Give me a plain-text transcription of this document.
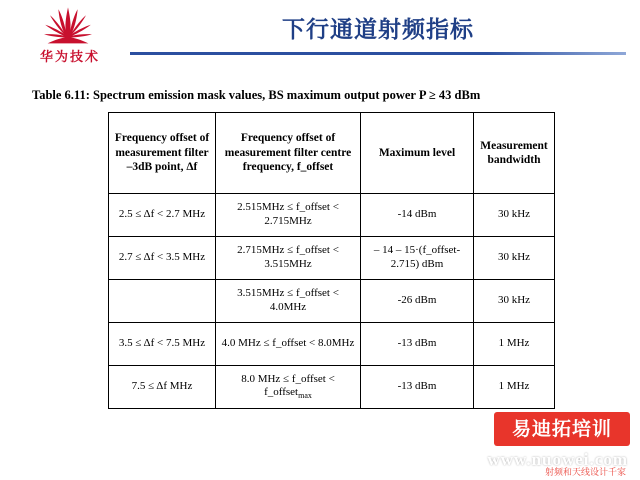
华为技术
下行通道射频指标
Table 6.11: Spectrum emission mask values, BS maximum output power P ≥ 43 dBm
Frequency offset of measurement filter –3dB point, Δf	Frequency offset of measurement filter centre frequency, f_offset	Maximum level	Measurement bandwidth
2.5 ≤ Δf < 2.7 MHz	2.515MHz ≤ f_offset < 2.715MHz	-14 dBm	30 kHz
2.7 ≤ Δf < 3.5 MHz	2.715MHz ≤ f_offset < 3.515MHz	– 14 – 15·(f_offset-2.715) dBm	30 kHz
	3.515MHz ≤ f_offset < 4.0MHz	-26 dBm	30 kHz
3.5 ≤ Δf < 7.5 MHz	4.0 MHz ≤ f_offset < 8.0MHz	-13 dBm	1 MHz
7.5 ≤ Δf MHz	8.0 MHz ≤ f_offset < f_offset$_{max}$	-13 dBm	1 MHz
易迪拓培训
www.nuowei.com
射频和天线设计千家
